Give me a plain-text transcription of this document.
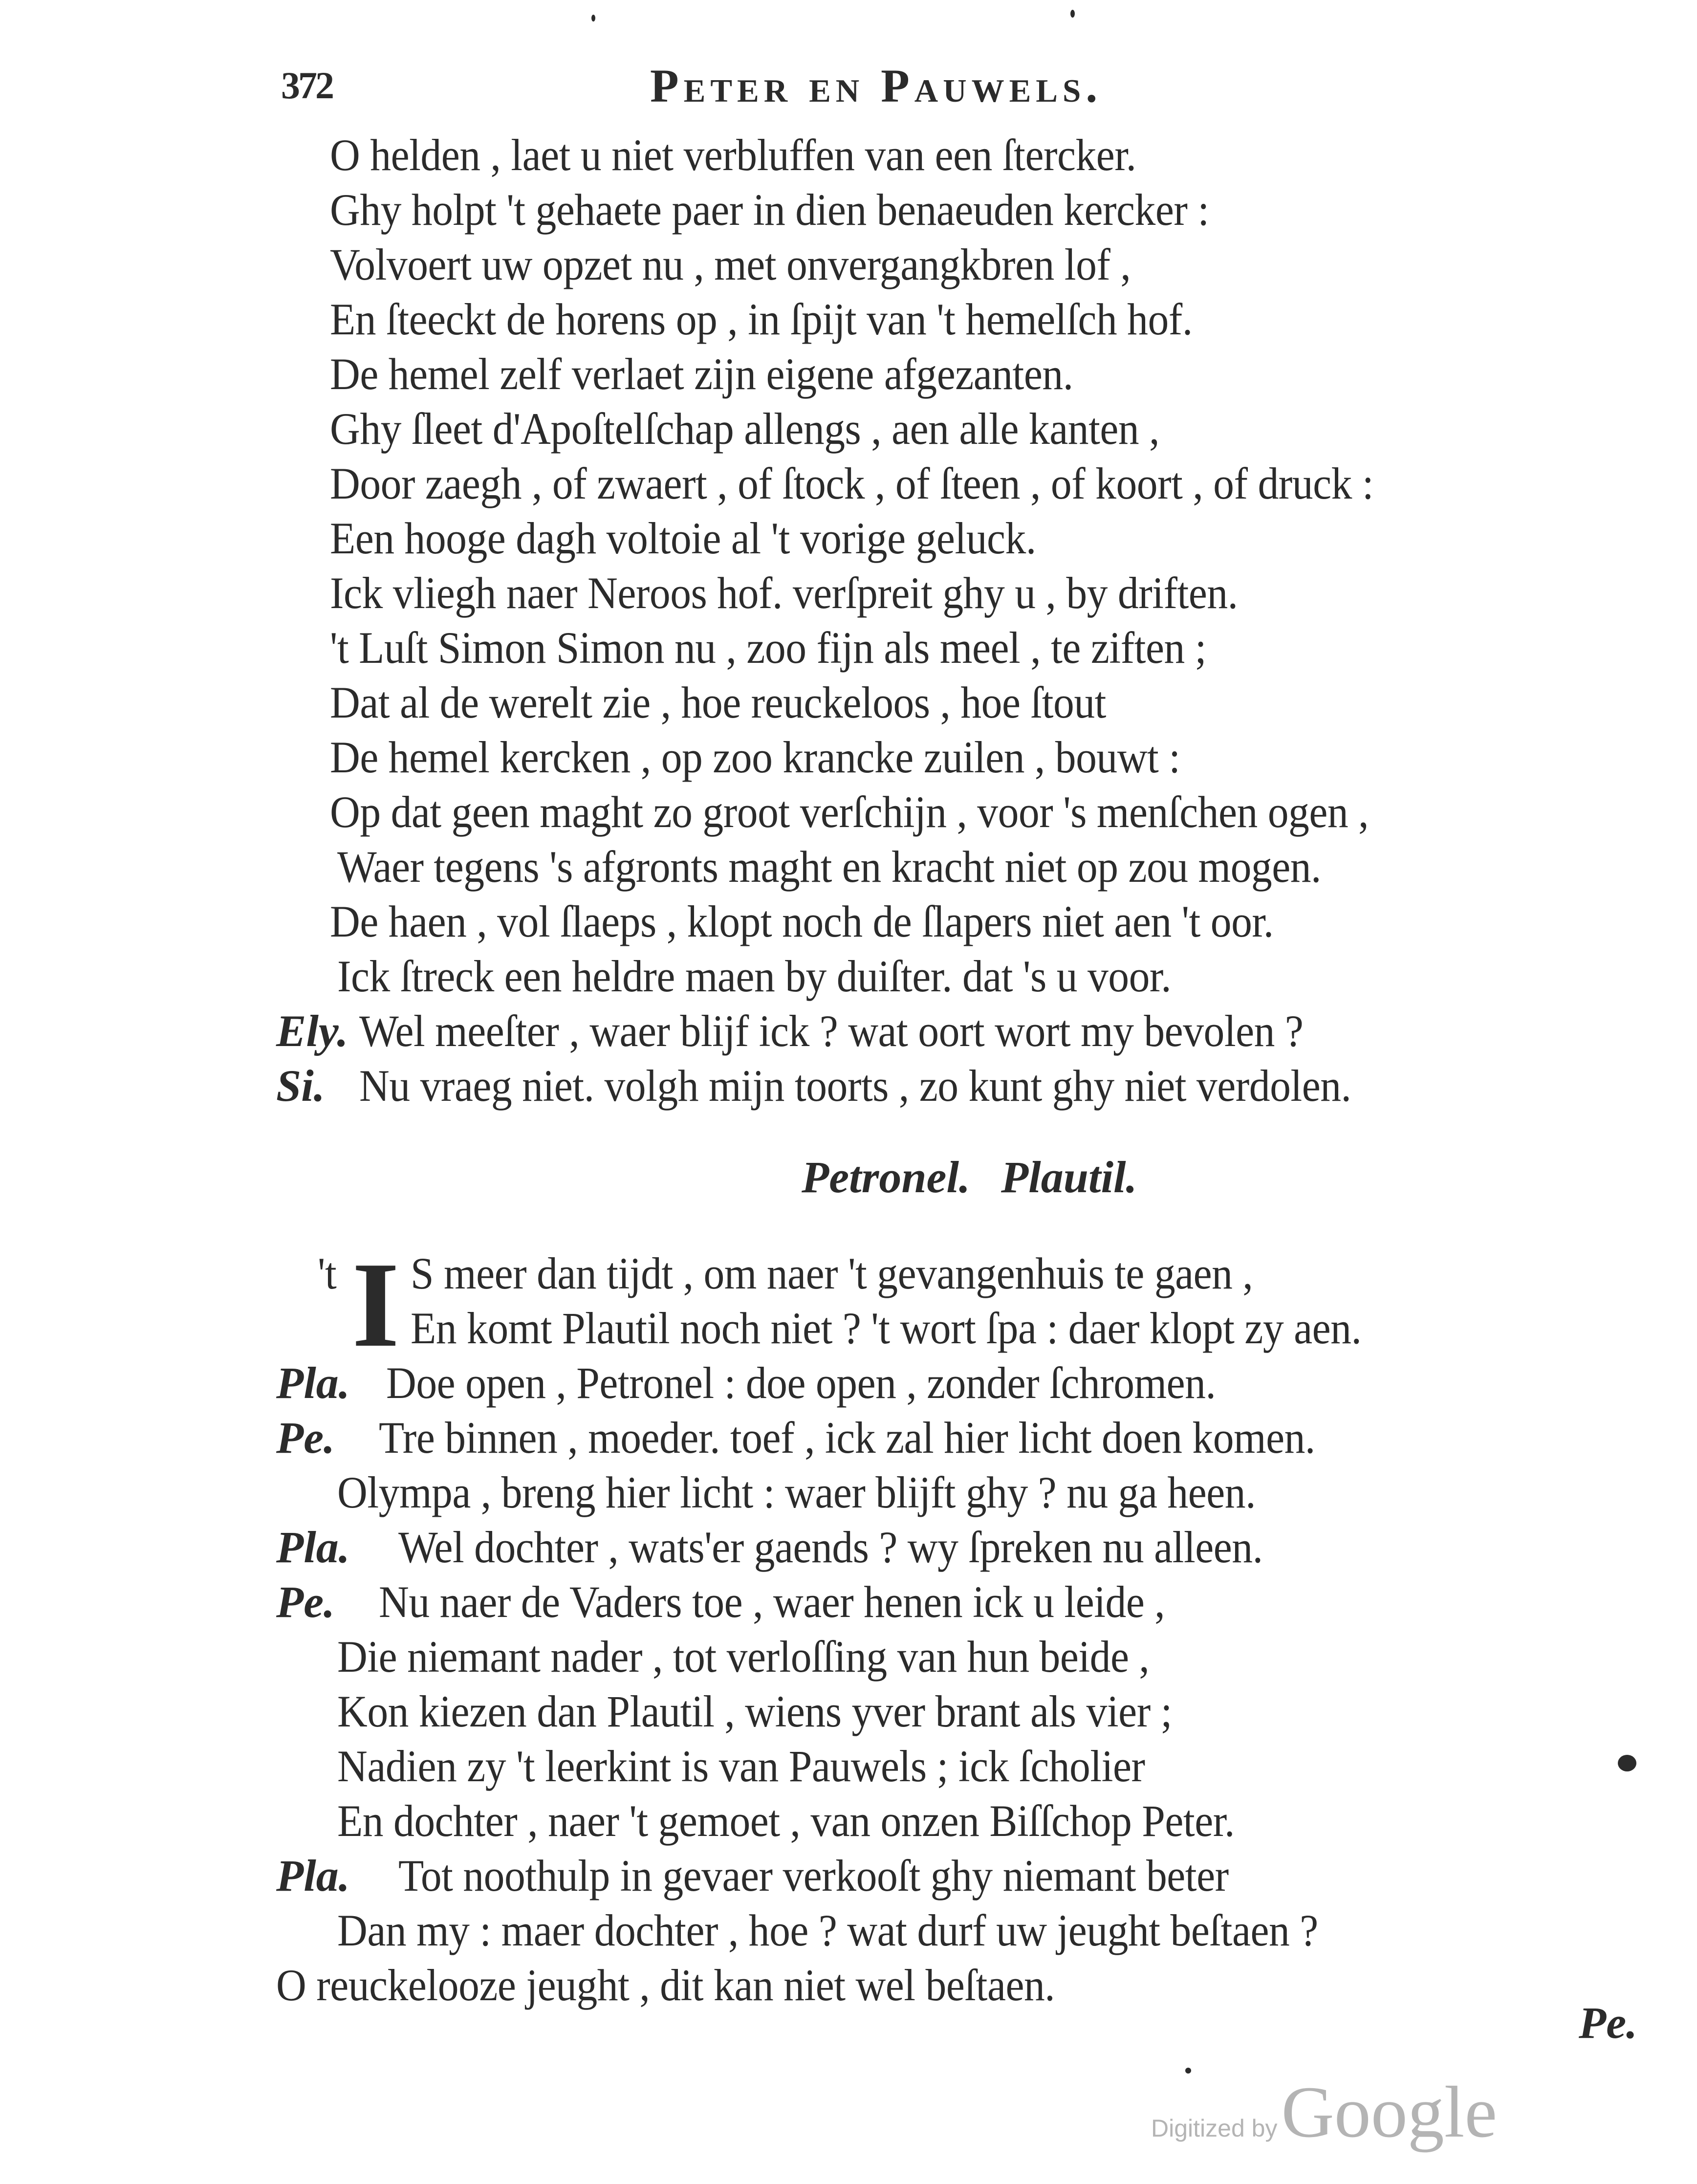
372	Peter en Pauwels.
O helden , laet u niet verbluffen van een ſtercker.
Ghy holpt 't gehaete paer in dien benaeuden kercker :
Volvoert uw opzet nu , met onvergangkbren lof ,
En ſteeckt de horens op , in ſpijt van 't hemelſch hof.
De hemel zelf verlaet zijn eigene afgezanten.
Ghy ſleet d'Apoſtelſchap allengs , aen alle kanten ,
Door zaegh , of zwaert , of ſtock , of ſteen , of koort , of druck :
Een hooge dagh voltoie al 't vorige geluck.
Ick vliegh naer Neroos hof. verſpreit ghy u , by driften.
't Luſt Simon Simon nu , zoo fijn als meel , te ziften ;
Dat al de werelt zie , hoe reuckeloos , hoe ſtout
De hemel kercken , op zoo krancke zuilen , bouwt :
Op dat geen maght zo groot verſchijn , voor 's menſchen ogen ,
Waer tegens 's afgronts maght en kracht niet op zou mogen.
De haen , vol ſlaeps , klopt noch de ſlapers niet aen 't oor.
Ick ſtreck een heldre maen by duiſter. dat 's u voor.
Ely. Wel meeſter , waer blijf ick ? wat oort wort my bevolen ?
Si. Nu vraeg niet. volgh mijn toorts , zo kunt ghy niet verdolen.
Petronel. Plautil.
't I S meer dan tijdt , om naer 't gevangenhuis te gaen ,
En komt Plautil noch niet ? 't wort ſpa : daer klopt zy aen.
Pla. Doe open , Petronel : doe open , zonder ſchromen.
Pe. Tre binnen , moeder. toef , ick zal hier licht doen komen.
Olympa , breng hier licht : waer blijft ghy ? nu ga heen.
Pla. Wel dochter , wats'er gaends ? wy ſpreken nu alleen.
Pe. Nu naer de Vaders toe , waer henen ick u leide ,
Die niemant nader , tot verloſſing van hun beide ,
Kon kiezen dan Plautil , wiens yver brant als vier ;
Nadien zy 't leerkint is van Pauwels ; ick ſcholier
En dochter , naer 't gemoet , van onzen Biſſchop Peter.
Pla. Tot noothulp in gevaer verkooſt ghy niemant beter
Dan my : maer dochter , hoe ? wat durf uw jeught beſtaen ?
O reuckelooze jeught , dit kan niet wel beſtaen.
Pe.
Digitized byGoogle
